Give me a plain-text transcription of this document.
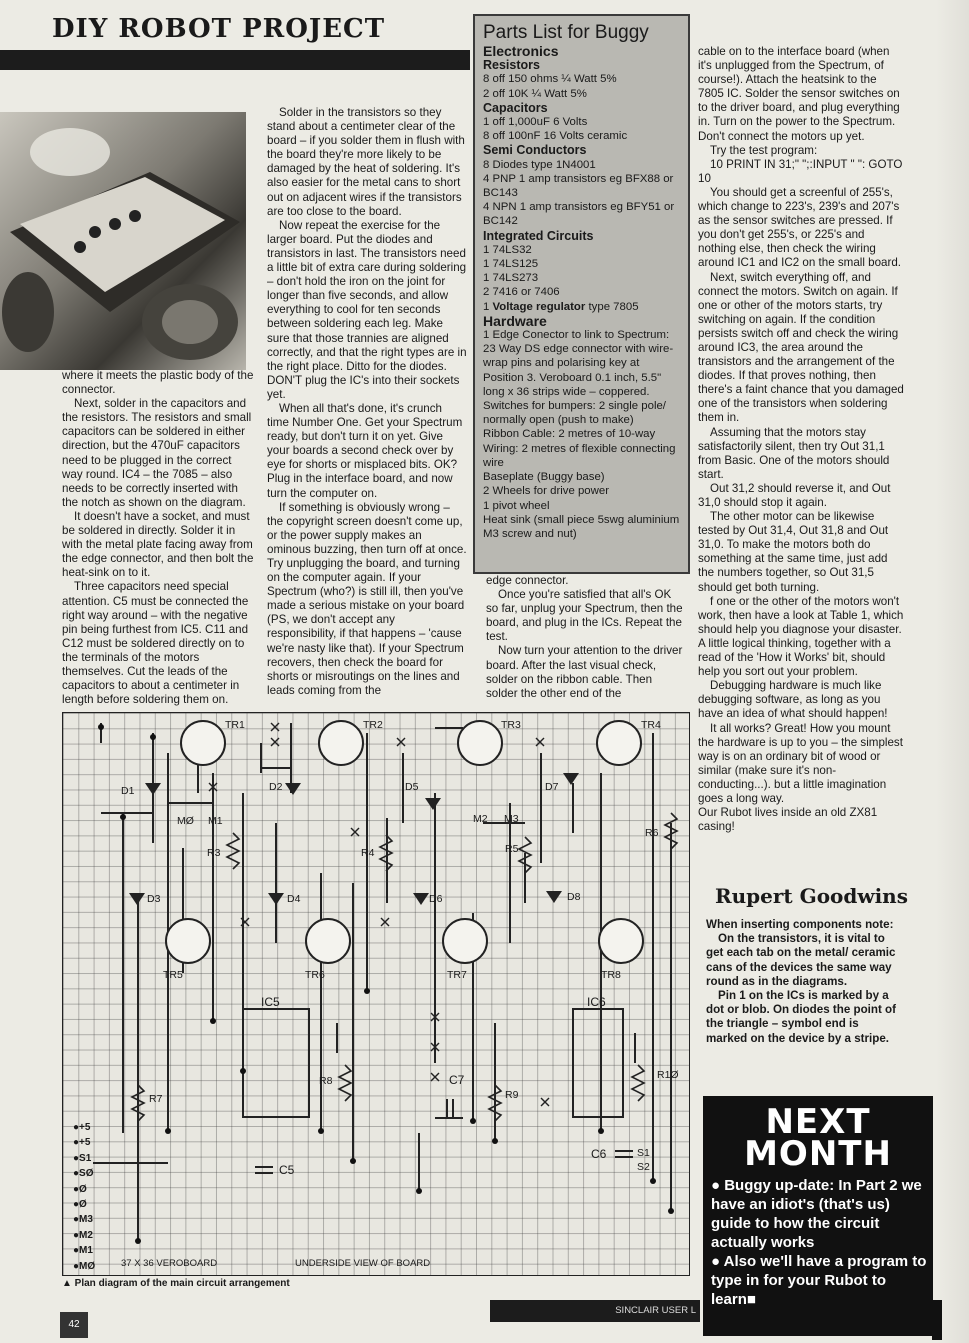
DIY ROBOT PROJECT

where it meets the plastic body of the connector.

Next, solder in the capacitors and the resistors. The resistors and small capacitors can be soldered in either direction, but the 470uF capacitors need to be plugged in the correct way round. IC4 – the 7085 – also needs to be correctly inserted with the notch as shown on the diagram.

It doesn't have a socket, and must be soldered in directly. Solder it in with the metal plate facing away from the edge connector, and then bolt the heat-sink on to it.

Three capacitors need special attention. C5 must be connected the right way around – with the negative pin being furthest from IC5. C11 and C12 must be soldered directly on to the terminals of the motors themselves. Cut the leads of the capacitors to about a centimeter in length before soldering them on.

Solder in the transistors so they stand about a centimeter clear of the board – if you solder them in flush with the board they're more likely to be damaged by the heat of soldering. It's also easier for the metal cans to short out on adjacent wires if the transistors are too close to the board.

Now repeat the exercise for the larger board. Put the diodes and transistors in last. The transistors need a little bit of extra care during soldering – don't hold the iron on the joint for longer than five seconds, and allow everything to cool for ten seconds between soldering each leg. Make sure that those trannies are aligned correctly, and that the right types are in the right place. Ditto for the diodes. DON'T plug the IC's into their sockets yet.

When all that's done, it's crunch time Number One. Get your Spectrum ready, but don't turn it on yet. Give your boards a second check over by eye for shorts or misplaced bits. OK? Plug in the interface board, and now turn the computer on.

If something is obviously wrong – the copyright screen doesn't come up, or the power supply makes an ominous buzzing, then turn off at once. Try unplugging the board, and turning on the computer again. If your Spectrum (who?) is still ill, then you've made a serious mistake on your board (PS, we don't accept any responsibility, if that happens – 'cause we're nasty like that). If your Spectrum recovers, then check the board for shorts or misroutings on the lines and leads coming from the

Parts List for Buggy
Electronics
Resistors
8 off 150 ohms ¼ Watt 5%
2 off 10K ¼ Watt 5%
Capacitors
1 off 1,000uF 6 Volts
8 off 100nF 16 Volts ceramic
Semi Conductors
8 Diodes type 1N4001
4 PNP 1 amp transistors eg BFX88 or BC143
4 NPN 1 amp transistors eg BFY51 or BC142
Integrated Circuits
1 74LS32
1 74LS125
1 74LS273
2 7416 or 7406
1 Voltage regulator type 7805
Hardware
1 Edge Conector to link to Spectrum: 23 Way DS edge connector with wire-wrap pins and polarising key at Position 3. Veroboard 0.1 inch, 5.5" long x 36 strips wide – coppered.
Switches for bumpers: 2 single pole/ normally open (push to make)
Ribbon Cable: 2 metres of 10-way
Wiring: 2 metres of flexible connecting wire
Baseplate (Buggy base)
2 Wheels for drive power
1 pivot wheel
Heat sink (small piece 5swg aluminium M3 screw and nut)

edge connector.

Once you're satisfied that all's OK so far, unplug your Spectrum, then the board, and plug in the ICs. Repeat the test.

Now turn your attention to the driver board. After the last visual check, solder on the ribbon cable. Then solder the other end of the

cable on to the interface board (when it's unplugged from the Spectrum, of course!). Attach the heatsink to the 7805 IC. Solder the sensor switches on to the driver board, and plug everything in. Turn on the power to the Spectrum. Don't connect the motors up yet.

Try the test program:

10 PRINT IN 31;" ";:INPUT " ": GOTO 10

You should get a screenful of 255's, which change to 223's, 239's and 207's as the sensor switches are pressed. If you don't get 255's, or 225's and nothing else, then check the wiring around IC1 and IC2 on the small board.

Next, switch everything off, and connect the motors. Switch on again. If one or other of the motors starts, try switching on again. If the condition persists switch off and check the wiring around IC3, the area around the transistors and the arrangement of the diodes. If that proves nothing, then there's a faint chance that you damaged one of the transistors when soldering them in.

Assuming that the motors stay satisfactorily silent, then try Out 31,1 from Basic. One of the motors should start.

Out 31,2 should reverse it, and Out 31,0 should stop it again.

The other motor can be likewise tested by Out 31,4, Out 31,8 and Out 31,0. To make the motors both do something at the same time, just add the numbers together, so Out 31,5 should get both turning.

f one or the other of the motors won't work, then have a look at Table 1, which should help you diagnose your disaster. A little logical thinking, together with a read of the 'How it Works' bit, should help you sort out your problem.

Debugging hardware is much like debugging software, as long as you have an idea of what should happen!

It all works? Great! How you mount the hardware is up to you – the simplest way is on an ordinary bit of wood or similar (make sure it's non-conducting...). but a little imagination goes a long way.

Our Rubot lives inside an old ZX81 casing!

Rupert Goodwins

When inserting components note:

On the transistors, it is vital to get each tab on the metal/ ceramic cans of the devices the same way round as in the diagrams.

Pin 1 on the ICs is marked by a dot or blob. On diodes the point of the triangle – symbol end is marked on the device by a stripe.

NEXT
MONTH

● Buggy up-date: In Part 2 we have an idiot's (that's us) guide to how the circuit actually works

● Also we'll have a program to type in for your Rubot to learn■

TR1	TR2	TR3	TR4
TR5	TR6	TR7	TR8
D1	D2
D3	D4
D5
D6
D7
D8
MØ M1	M2 M3
R3	R4	R5
R6
R7
R8
R9
R1Ø
IC5	IC6
C5
C6
C7
S1
S2
37 X 36 VEROBOARD	UNDERSIDE VIEW OF BOARD
●+5
●+5
●S1
●SØ
●Ø
●Ø
●M3
●M2
●M1
●MØ
▲ Plan diagram of the main circuit arrangement
42
SINCLAIR USER L
